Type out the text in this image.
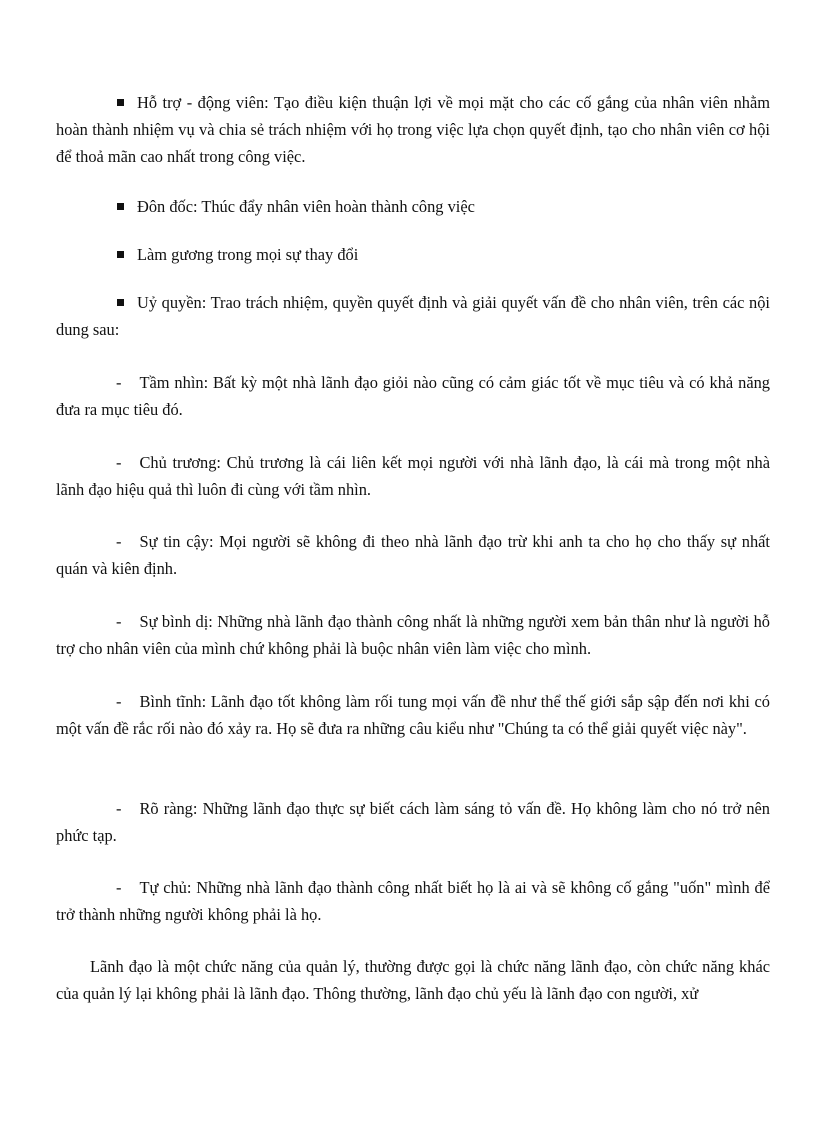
Hỗ trợ - động viên: Tạo điều kiện thuận lợi về mọi mặt cho các cố gắng của nhân viên nhằm hoàn thành nhiệm vụ và chia sẻ trách nhiệm với họ trong việc lựa chọn quyết định, tạo cho nhân viên cơ hội để thoả mãn cao nhất trong công việc.

Đôn đốc: Thúc đẩy nhân viên hoàn thành công việc

Làm gương trong mọi sự thay đổi

Uỷ quyền: Trao trách nhiệm, quyền quyết định và giải quyết vấn đề cho nhân viên, trên các nội dung sau:

- Tầm nhìn: Bất kỳ một nhà lãnh đạo giỏi nào cũng có cảm giác tốt về mục tiêu và có khả năng đưa ra mục tiêu đó.

- Chủ trương: Chủ trương là cái liên kết mọi người với nhà lãnh đạo, là cái mà trong một nhà lãnh đạo hiệu quả thì luôn đi cùng với tầm nhìn.

- Sự tin cậy: Mọi người sẽ không đi theo nhà lãnh đạo trừ khi anh ta cho họ cho thấy sự nhất quán và kiên định.

- Sự bình dị: Những nhà lãnh đạo thành công nhất là những người xem bản thân như là người hỗ trợ cho nhân viên của mình chứ không phải là buộc nhân viên làm việc cho mình.

- Bình tĩnh: Lãnh đạo tốt không làm rối tung mọi vấn đề như thể thế giới sắp sập đến nơi khi có một vấn đề rắc rối nào đó xảy ra. Họ sẽ đưa ra những câu kiểu như "Chúng ta có thể giải quyết việc này".

- Rõ ràng: Những lãnh đạo thực sự biết cách làm sáng tỏ vấn đề. Họ không làm cho nó trở nên phức tạp.

- Tự chủ: Những nhà lãnh đạo thành công nhất biết họ là ai và sẽ không cố gắng "uốn" mình để trở thành những người không phải là họ.

Lãnh đạo là một chức năng của quản lý, thường được gọi là chức năng lãnh đạo, còn chức năng khác của quản lý lại không phải là lãnh đạo. Thông thường, lãnh đạo chủ yếu là lãnh đạo con người, xử
